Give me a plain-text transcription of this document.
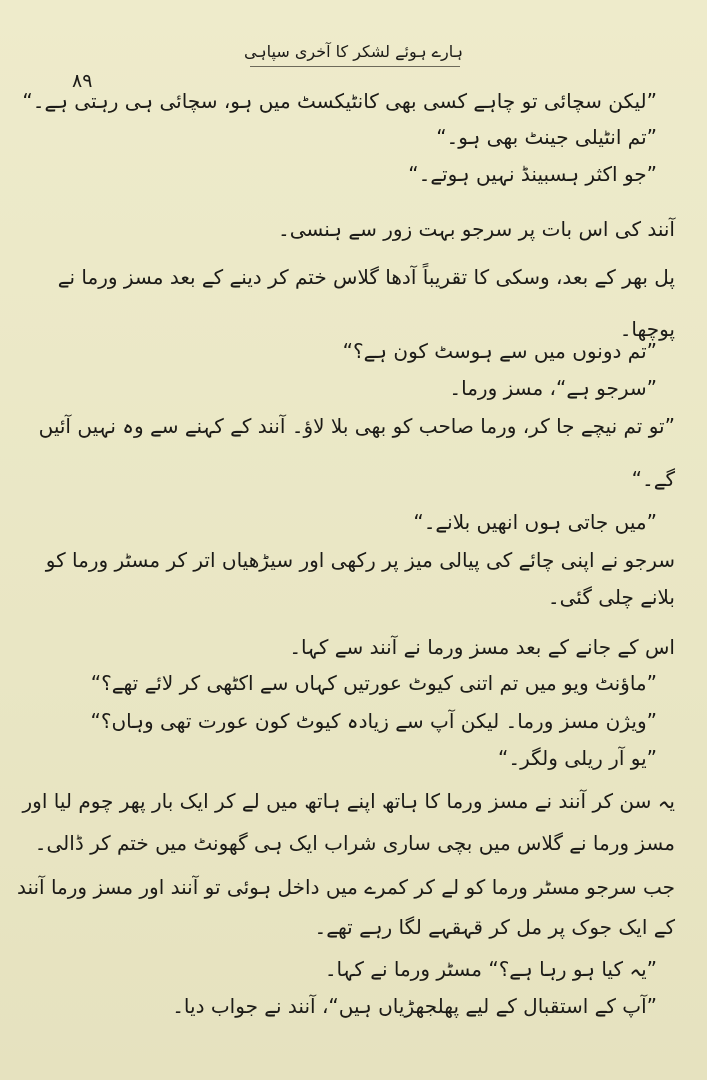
ہارے ہوئے لشکر کا آخری سپاہی
۸۹
”لیکن سچائی تو چاہے کسی بھی کانٹیکسٹ میں ہو، سچائی ہی رہتی ہے۔“
”تم انٹیلی جینٹ بھی ہو۔“
”جو اکثر ہسبینڈ نہیں ہوتے۔“
آنند کی اس بات پر سرجو بہت زور سے ہنسی۔
پل بھر کے بعد، وسکی کا تقریباً آدھا گلاس ختم کر دینے کے بعد مسز ورما نے
پوچھا۔
”تم دونوں میں سے ہوسٹ کون ہے؟“
”سرجو ہے“، مسز ورما۔
”تو تم نیچے جا کر، ورما صاحب کو بھی بلا لاؤ۔ آنند کے کہنے سے وہ نہیں آئیں
گے۔“
”میں جاتی ہوں انھیں بلانے۔“
سرجو نے اپنی چائے کی پیالی میز پر رکھی اور سیڑھیاں اتر کر مسٹر ورما کو
بلانے چلی گئی۔
اس کے جانے کے بعد مسز ورما نے آنند سے کہا۔
”ماؤنٹ ویو میں تم اتنی کیوٹ عورتیں کہاں سے اکٹھی کر لائے تھے؟“
”ویژن مسز ورما۔ لیکن آپ سے زیادہ کیوٹ کون عورت تھی وہاں؟“
”یو آر ریلی ولگر۔“
یہ سن کر آنند نے مسز ورما کا ہاتھ اپنے ہاتھ میں لے کر ایک بار پھر چوم لیا اور
مسز ورما نے گلاس میں بچی ساری شراب ایک ہی گھونٹ میں ختم کر ڈالی۔
جب سرجو مسٹر ورما کو لے کر کمرے میں داخل ہوئی تو آنند اور مسز ورما آنند
کے ایک جوک پر مل کر قہقہے لگا رہے تھے۔
”یہ کیا ہو رہا ہے؟“ مسٹر ورما نے کہا۔
”آپ کے استقبال کے لیے پھلجھڑیاں ہیں“، آنند نے جواب دیا۔
